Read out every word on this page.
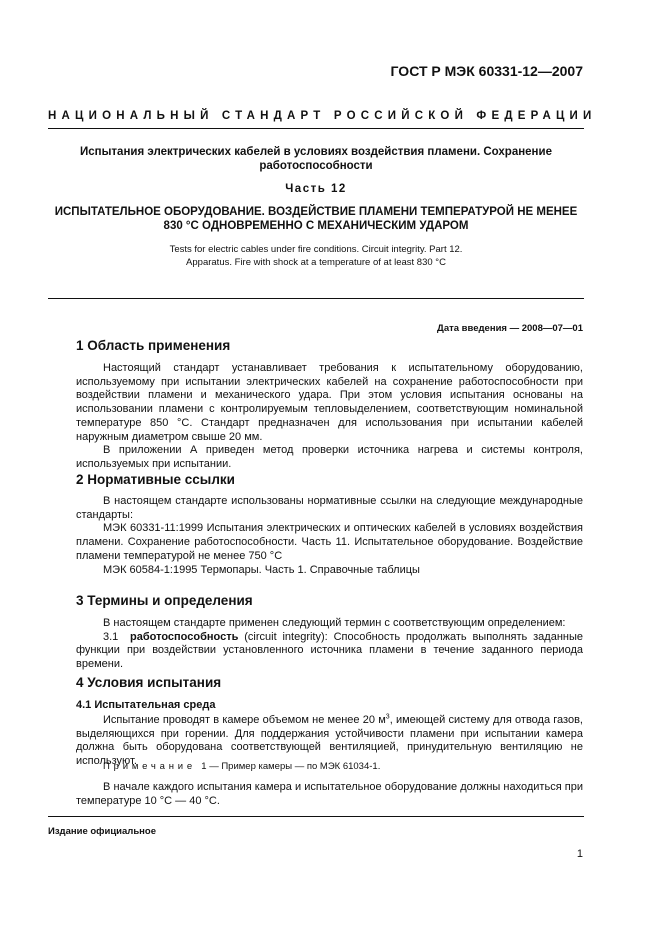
ГОСТ Р МЭК 60331-12—2007
НАЦИОНАЛЬНЫЙ СТАНДАРТ РОССИЙСКОЙ ФЕДЕРАЦИИ
Испытания электрических кабелей в условиях воздействия пламени. Сохранение работоспособности
Часть 12
ИСПЫТАТЕЛЬНОЕ ОБОРУДОВАНИЕ. ВОЗДЕЙСТВИЕ ПЛАМЕНИ ТЕМПЕРАТУРОЙ НЕ МЕНЕЕ 830 °С ОДНОВРЕМЕННО С МЕХАНИЧЕСКИМ УДАРОМ
Tests for electric cables under fire conditions. Circuit integrity. Part 12.
Apparatus. Fire with shock at a temperature of at least 830 °C
Дата введения — 2008—07—01
1 Область применения

Настоящий стандарт устанавливает требования к испытательному оборудованию, используемому при испытании электрических кабелей на сохранение работоспособности при воздействии пламени и механического удара. При этом условия испытания основаны на использовании пламени с контролируемым тепловыделением, соответствующим номинальной температуре 850 °С. Стандарт предназначен для использования при испытании кабелей наружным диаметром свыше 20 мм.

В приложении А приведен метод проверки источника нагрева и системы контроля, используемых при испытании.

2 Нормативные ссылки

В настоящем стандарте использованы нормативные ссылки на следующие международные стандарты:

МЭК 60331-11:1999 Испытания электрических и оптических кабелей в условиях воздействия пламени. Сохранение работоспособности. Часть 11. Испытательное оборудование. Воздействие пламени температурой не менее 750 °С

МЭК 60584-1:1995 Термопары. Часть 1. Справочные таблицы

3 Термины и определения

В настоящем стандарте применен следующий термин с соответствующим определением:

3.1 работоспособность (circuit integrity): Способность продолжать выполнять заданные функции при воздействии установленного источника пламени в течение заданного периода времени.

4 Условия испытания
4.1 Испытательная среда

Испытание проводят в камере объемом не менее 20 $м^3$, имеющей систему для отвода газов, выделяющихся при горении. Для поддержания устойчивости пламени при испытании камера должна быть оборудована соответствующей вентиляцией, принудительную вентиляцию не используют.

Примечание 1 — Пример камеры — по МЭК 61034-1.

В начале каждого испытания камера и испытательное оборудование должны находиться при температуре 10 °С — 40 °С.

Издание официальное
1
